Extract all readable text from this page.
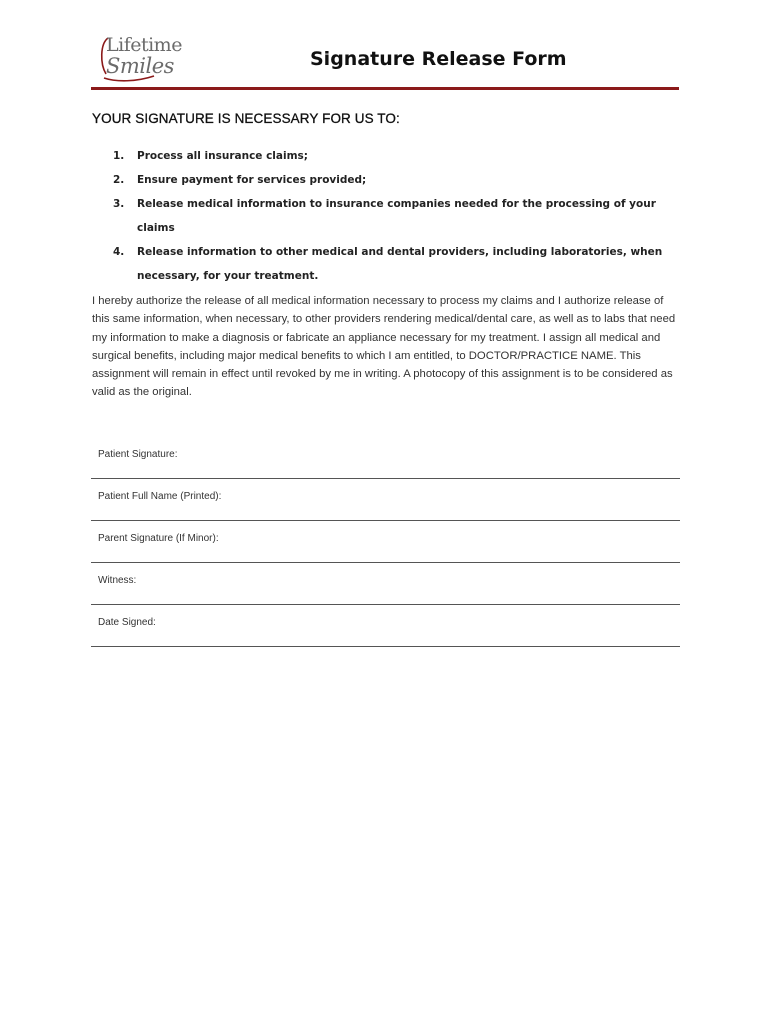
Lifetime
Smiles	Signature Release Form
YOUR SIGNATURE IS NECESSARY FOR US TO:
1. Process all insurance claims;
2. Ensure payment for services provided;
3. Release medical information to insurance companies needed for the processing of your claims
4. Release information to other medical and dental providers, including laboratories, when necessary, for your treatment.

I hereby authorize the release of all medical information necessary to process my claims and I authorize release of this same information, when necessary, to other providers rendering medical/dental care, as well as to labs that need my information to make a diagnosis or fabricate an appliance necessary for my treatment. I assign all medical and surgical benefits, including major medical benefits to which I am entitled, to DOCTOR/PRACTICE NAME. This assignment will remain in effect until revoked by me in writing. A photocopy of this assignment is to be considered as valid as the original.

Patient Signature:
Patient Full Name (Printed):
Parent Signature (If Minor):
Witness:
Date Signed:
